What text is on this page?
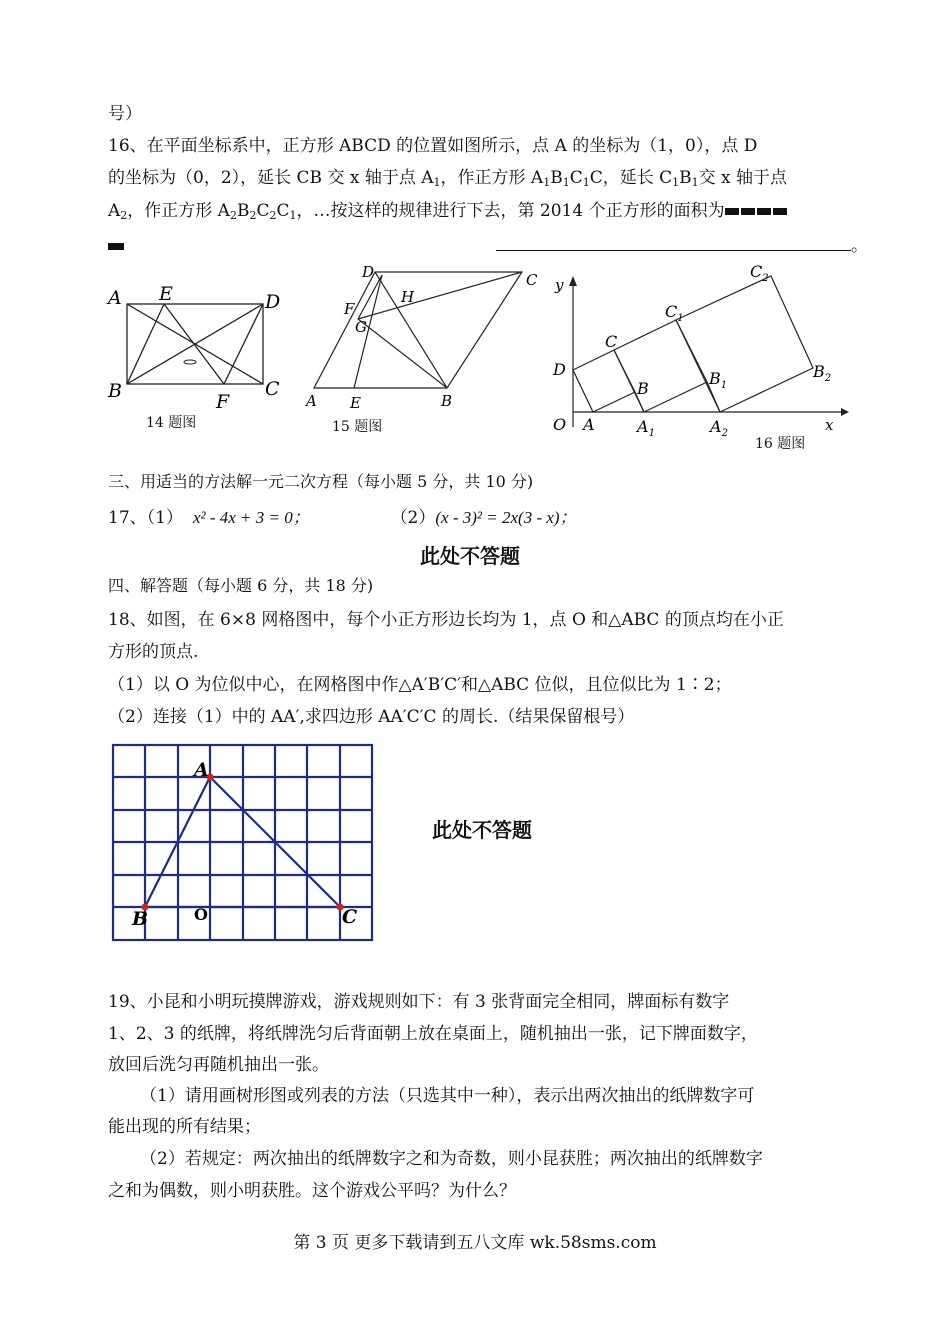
号）
16、在平面坐标系中，正方形 ABCD 的位置如图所示，点 A 的坐标为（1，0），点 D
的坐标为（0，2），延长 CB 交 x 轴于点 $A_1$，作正方形 $A_1B_1C_1C$，延长 $C_1B_1$交 x 轴于点
$A_2$，作正方形 $A_2B_2C_2C_1$，…按这样的规律进行下去，第 2014 个正方形的面积为
。
A E	D
B	F
C
14 题图
D	C
F
H
G
A E	B
15 题图
y
x
O A
D
C
B
$A_1$
$B_1$
$C_1$
$A_2$
$B_2$
$C_2$
16 题图
三、用适当的方法解一元二次方程（每小题 5 分，共 10 分)
17、（1） x² - 4x + 3 = 0；	（2）(x - 3)² = 2x(3 - x)；
此处不答题
四、解答题（每小题 6 分，共 18 分)
18、如图，在 6×8 网格图中，每个小正方形边长均为 1，点 O 和△ABC 的顶点均在小正
方形的顶点.
（1）以 O 为位似中心，在网格图中作△A′B′C′和△ABC 位似，且位似比为 1∶2；
（2）连接（1）中的 AA′,求四边形 AA′C′C 的周长.（结果保留根号）
A
B	C
O
此处不答题
19、小昆和小明玩摸牌游戏，游戏规则如下：有 3 张背面完全相同，牌面标有数字
1、2、3 的纸牌，将纸牌洗匀后背面朝上放在桌面上，随机抽出一张，记下牌面数字，
放回后洗匀再随机抽出一张。
（1）请用画树形图或列表的方法（只选其中一种），表示出两次抽出的纸牌数字可
能出现的所有结果；
（2）若规定：两次抽出的纸牌数字之和为奇数，则小昆获胜；两次抽出的纸牌数字
之和为偶数，则小明获胜。这个游戏公平吗？为什么？
第 3 页 更多下载请到五八文库 wk.58sms.com
